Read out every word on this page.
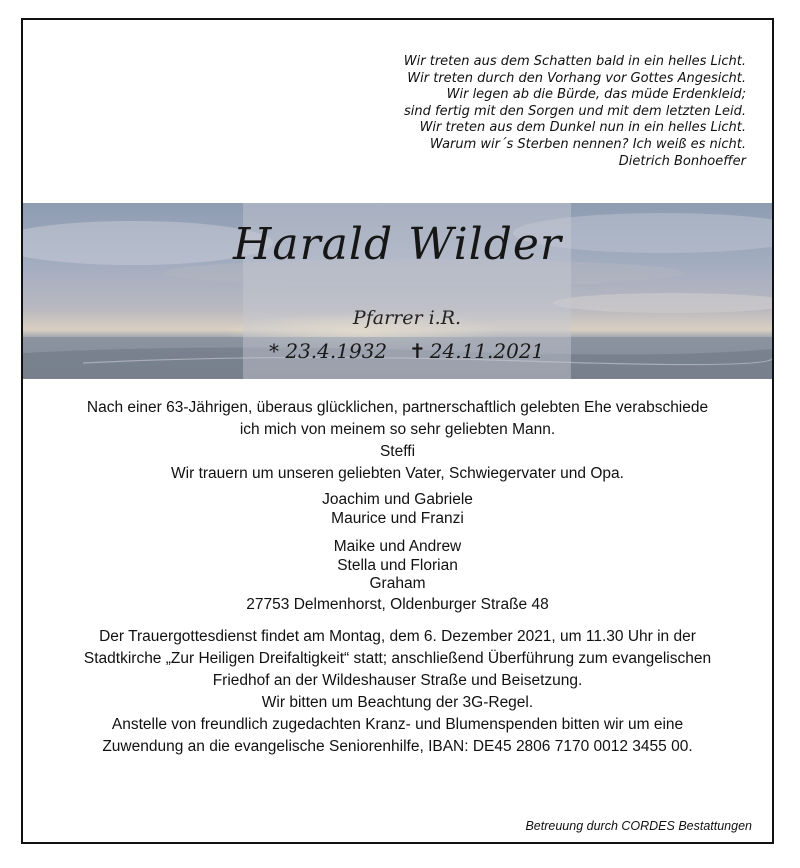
Wir treten aus dem Schatten bald in ein helles Licht.
Wir treten durch den Vorhang vor Gottes Angesicht.
Wir legen ab die Bürde, das müde Erdenkleid;
sind fertig mit den Sorgen und mit dem letzten Leid.
Wir treten aus dem Dunkel nun in ein helles Licht.
Warum wir´s Sterben nennen? Ich weiß es nicht.
Dietrich Bonhoeffer
Harald Wilder
Pfarrer i.R.
* 23.4.1932 ✝ 24.11.2021

Nach einer 63-Jährigen, überaus glücklichen, partnerschaftlich gelebten Ehe verabschiede

ich mich von meinem so sehr geliebten Mann.

Steffi

Wir trauern um unseren geliebten Vater, Schwiegervater und Opa.

Joachim und Gabriele
Maurice und Franzi
Maike und Andrew
Stella und Florian
Graham

27753 Delmenhorst, Oldenburger Straße 48

Der Trauergottesdienst findet am Montag, dem 6. Dezember 2021, um 11.30 Uhr in der

Stadtkirche „Zur Heiligen Dreifaltigkeit“ statt; anschließend Überführung zum evangelischen

Friedhof an der Wildeshauser Straße und Beisetzung.

Wir bitten um Beachtung der 3G-Regel.

Anstelle von freundlich zugedachten Kranz- und Blumenspenden bitten wir um eine

Zuwendung an die evangelische Seniorenhilfe, IBAN: DE45 2806 7170 0012 3455 00.

Betreuung durch CORDES Bestattungen
